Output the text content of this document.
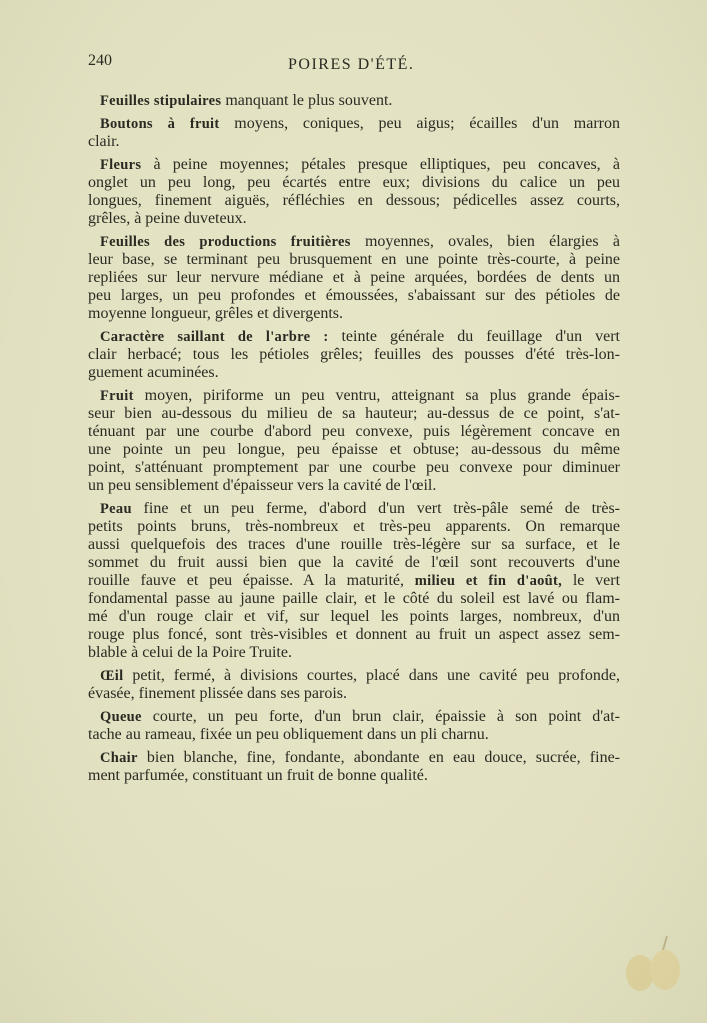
240	POIRES D'ÉTÉ.
Feuilles stipulaires manquant le plus souvent.
Boutons à fruit moyens, coniques, peu aigus; écailles d'un marron
clair.
Fleurs à peine moyennes; pétales presque elliptiques, peu concaves, à
onglet un peu long, peu écartés entre eux; divisions du calice un peu
longues, finement aiguës, réfléchies en dessous; pédicelles assez courts,
grêles, à peine duveteux.
Feuilles des productions fruitières moyennes, ovales, bien élargies à
leur base, se terminant peu brusquement en une pointe très-courte, à peine
repliées sur leur nervure médiane et à peine arquées, bordées de dents un
peu larges, un peu profondes et émoussées, s'abaissant sur des pétioles de
moyenne longueur, grêles et divergents.
Caractère saillant de l'arbre : teinte générale du feuillage d'un vert
clair herbacé; tous les pétioles grêles; feuilles des pousses d'été très-lon-
guement acuminées.
Fruit moyen, piriforme un peu ventru, atteignant sa plus grande épais-
seur bien au-dessous du milieu de sa hauteur; au-dessus de ce point, s'at-
ténuant par une courbe d'abord peu convexe, puis légèrement concave en
une pointe un peu longue, peu épaisse et obtuse; au-dessous du même
point, s'atténuant promptement par une courbe peu convexe pour diminuer
un peu sensiblement d'épaisseur vers la cavité de l'œil.
Peau fine et un peu ferme, d'abord d'un vert très-pâle semé de très-
petits points bruns, très-nombreux et très-peu apparents. On remarque
aussi quelquefois des traces d'une rouille très-légère sur sa surface, et le
sommet du fruit aussi bien que la cavité de l'œil sont recouverts d'une
rouille fauve et peu épaisse. A la maturité, milieu et fin d'août, le vert
fondamental passe au jaune paille clair, et le côté du soleil est lavé ou flam-
mé d'un rouge clair et vif, sur lequel les points larges, nombreux, d'un
rouge plus foncé, sont très-visibles et donnent au fruit un aspect assez sem-
blable à celui de la Poire Truite.
Œil petit, fermé, à divisions courtes, placé dans une cavité peu profonde,
évasée, finement plissée dans ses parois.
Queue courte, un peu forte, d'un brun clair, épaissie à son point d'at-
tache au rameau, fixée un peu obliquement dans un pli charnu.
Chair bien blanche, fine, fondante, abondante en eau douce, sucrée, fine-
ment parfumée, constituant un fruit de bonne qualité.
